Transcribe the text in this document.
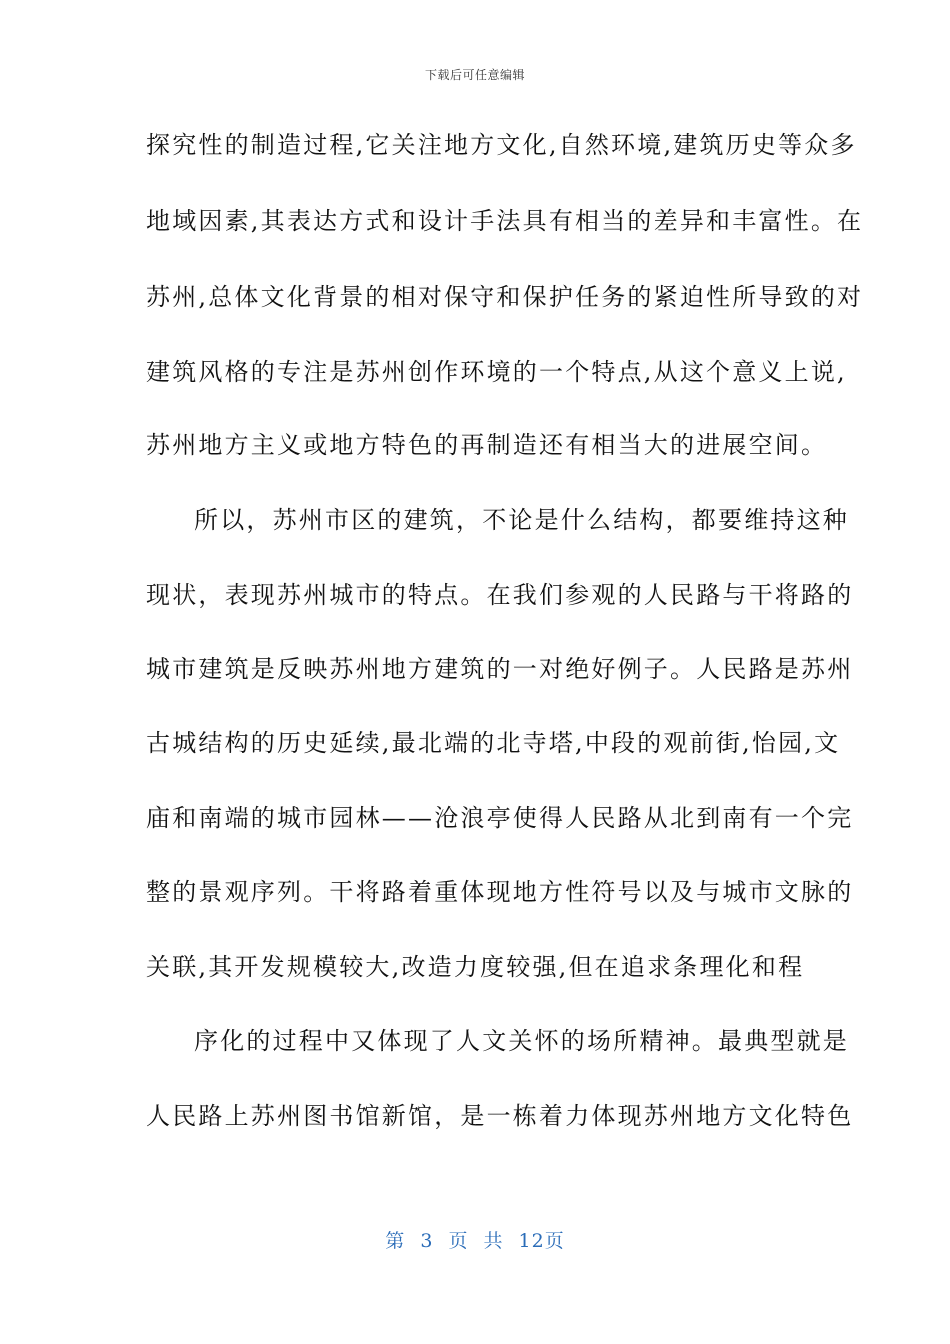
下载后可任意编辑
探究性的制造过程,它关注地方文化,自然环境,建筑历史等众多
地域因素,其表达方式和设计手法具有相当的差异和丰富性。在
苏州,总体文化背景的相对保守和保护任务的紧迫性所导致的对
建筑风格的专注是苏州创作环境的一个特点,从这个意义上说,
苏州地方主义或地方特色的再制造还有相当大的进展空间。
所以，苏州市区的建筑，不论是什么结构，都要维持这种
现状，表现苏州城市的特点。在我们参观的人民路与干将路的
城市建筑是反映苏州地方建筑的一对绝好例子。人民路是苏州
古城结构的历史延续,最北端的北寺塔,中段的观前街,怡园,文
庙和南端的城市园林——沧浪亭使得人民路从北到南有一个完
整的景观序列。干将路着重体现地方性符号以及与城市文脉的
关联,其开发规模较大,改造力度较强,但在追求条理化和程
序化的过程中又体现了人文关怀的场所精神。最典型就是
人民路上苏州图书馆新馆，是一栋着力体现苏州地方文化特色
第 3 页 共 12页
